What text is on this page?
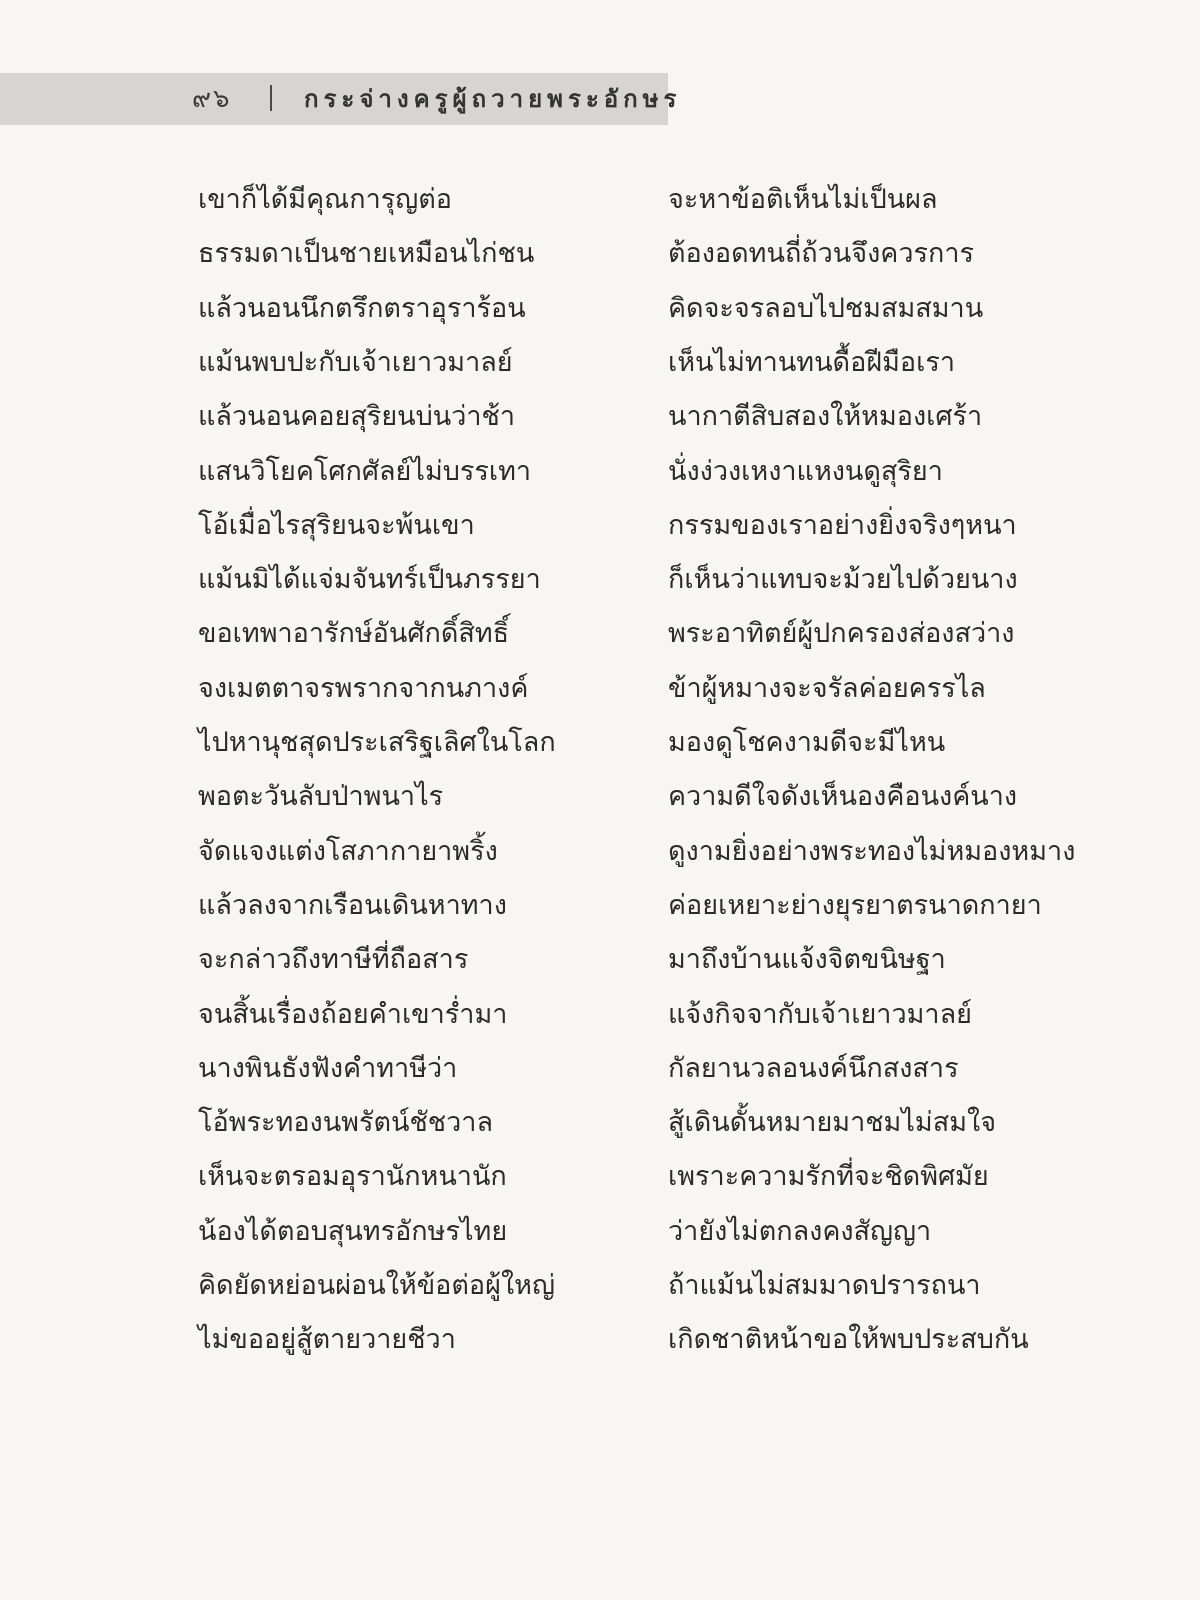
๙๖	กระจ่างครูผู้ถวายพระอักษร
เขาก็ได้มีคุณการุญต่อ	จะหาข้อติเห็นไม่เป็นผล
ธรรมดาเป็นชายเหมือนไก่ชน	ต้องอดทนถี่ถ้วนจึงควรการ
แล้วนอนนึกตรึกตราอุราร้อน	คิดจะจรลอบไปชมสมสมาน
แม้นพบปะกับเจ้าเยาวมาลย์	เห็นไม่ทานทนดื้อฝีมือเรา
แล้วนอนคอยสุริยนบ่นว่าช้า	นากาตีสิบสองให้หมองเศร้า
แสนวิโยคโศกศัลย์ไม่บรรเทา	นั่งง่วงเหงาแหงนดูสุริยา
โอ้เมื่อไรสุริยนจะพ้นเขา	กรรมของเราอย่างยิ่งจริงๆหนา
แม้นมิได้แจ่มจันทร์เป็นภรรยา	ก็เห็นว่าแทบจะม้วยไปด้วยนาง
ขอเทพาอารักษ์อันศักดิ์สิทธิ์	พระอาทิตย์ผู้ปกครองส่องสว่าง
จงเมตตาจรพรากจากนภางค์	ข้าผู้หมางจะจรัลค่อยครรไล
ไปหานุชสุดประเสริฐเลิศในโลก	มองดูโชคงามดีจะมีไหน
พอตะวันลับป่าพนาไร	ความดีใจดังเห็นองคือนงค์นาง
จัดแจงแต่งโสภากายาพริ้ง	ดูงามยิ่งอย่างพระทองไม่หมองหมาง
แล้วลงจากเรือนเดินหาทาง	ค่อยเหยาะย่างยุรยาตรนาดกายา
จะกล่าวถึงทาษีที่ถือสาร	มาถึงบ้านแจ้งจิตขนิษฐา
จนสิ้นเรื่องถ้อยคำเขาร่ำมา	แจ้งกิจจากับเจ้าเยาวมาลย์
นางพินธังฟังคำทาษีว่า	กัลยานวลอนงค์นึกสงสาร
โอ้พระทองนพรัตน์ชัชวาล	สู้เดินดั้นหมายมาชมไม่สมใจ
เห็นจะตรอมอุรานักหนานัก	เพราะความรักที่จะชิดพิศมัย
น้องได้ตอบสุนทรอักษรไทย	ว่ายังไม่ตกลงคงสัญญา
คิดยัดหย่อนผ่อนให้ข้อต่อผู้ใหญ่	ถ้าแม้นไม่สมมาดปรารถนา
ไม่ขออยู่สู้ตายวายชีวา	เกิดชาติหน้าขอให้พบประสบกัน
